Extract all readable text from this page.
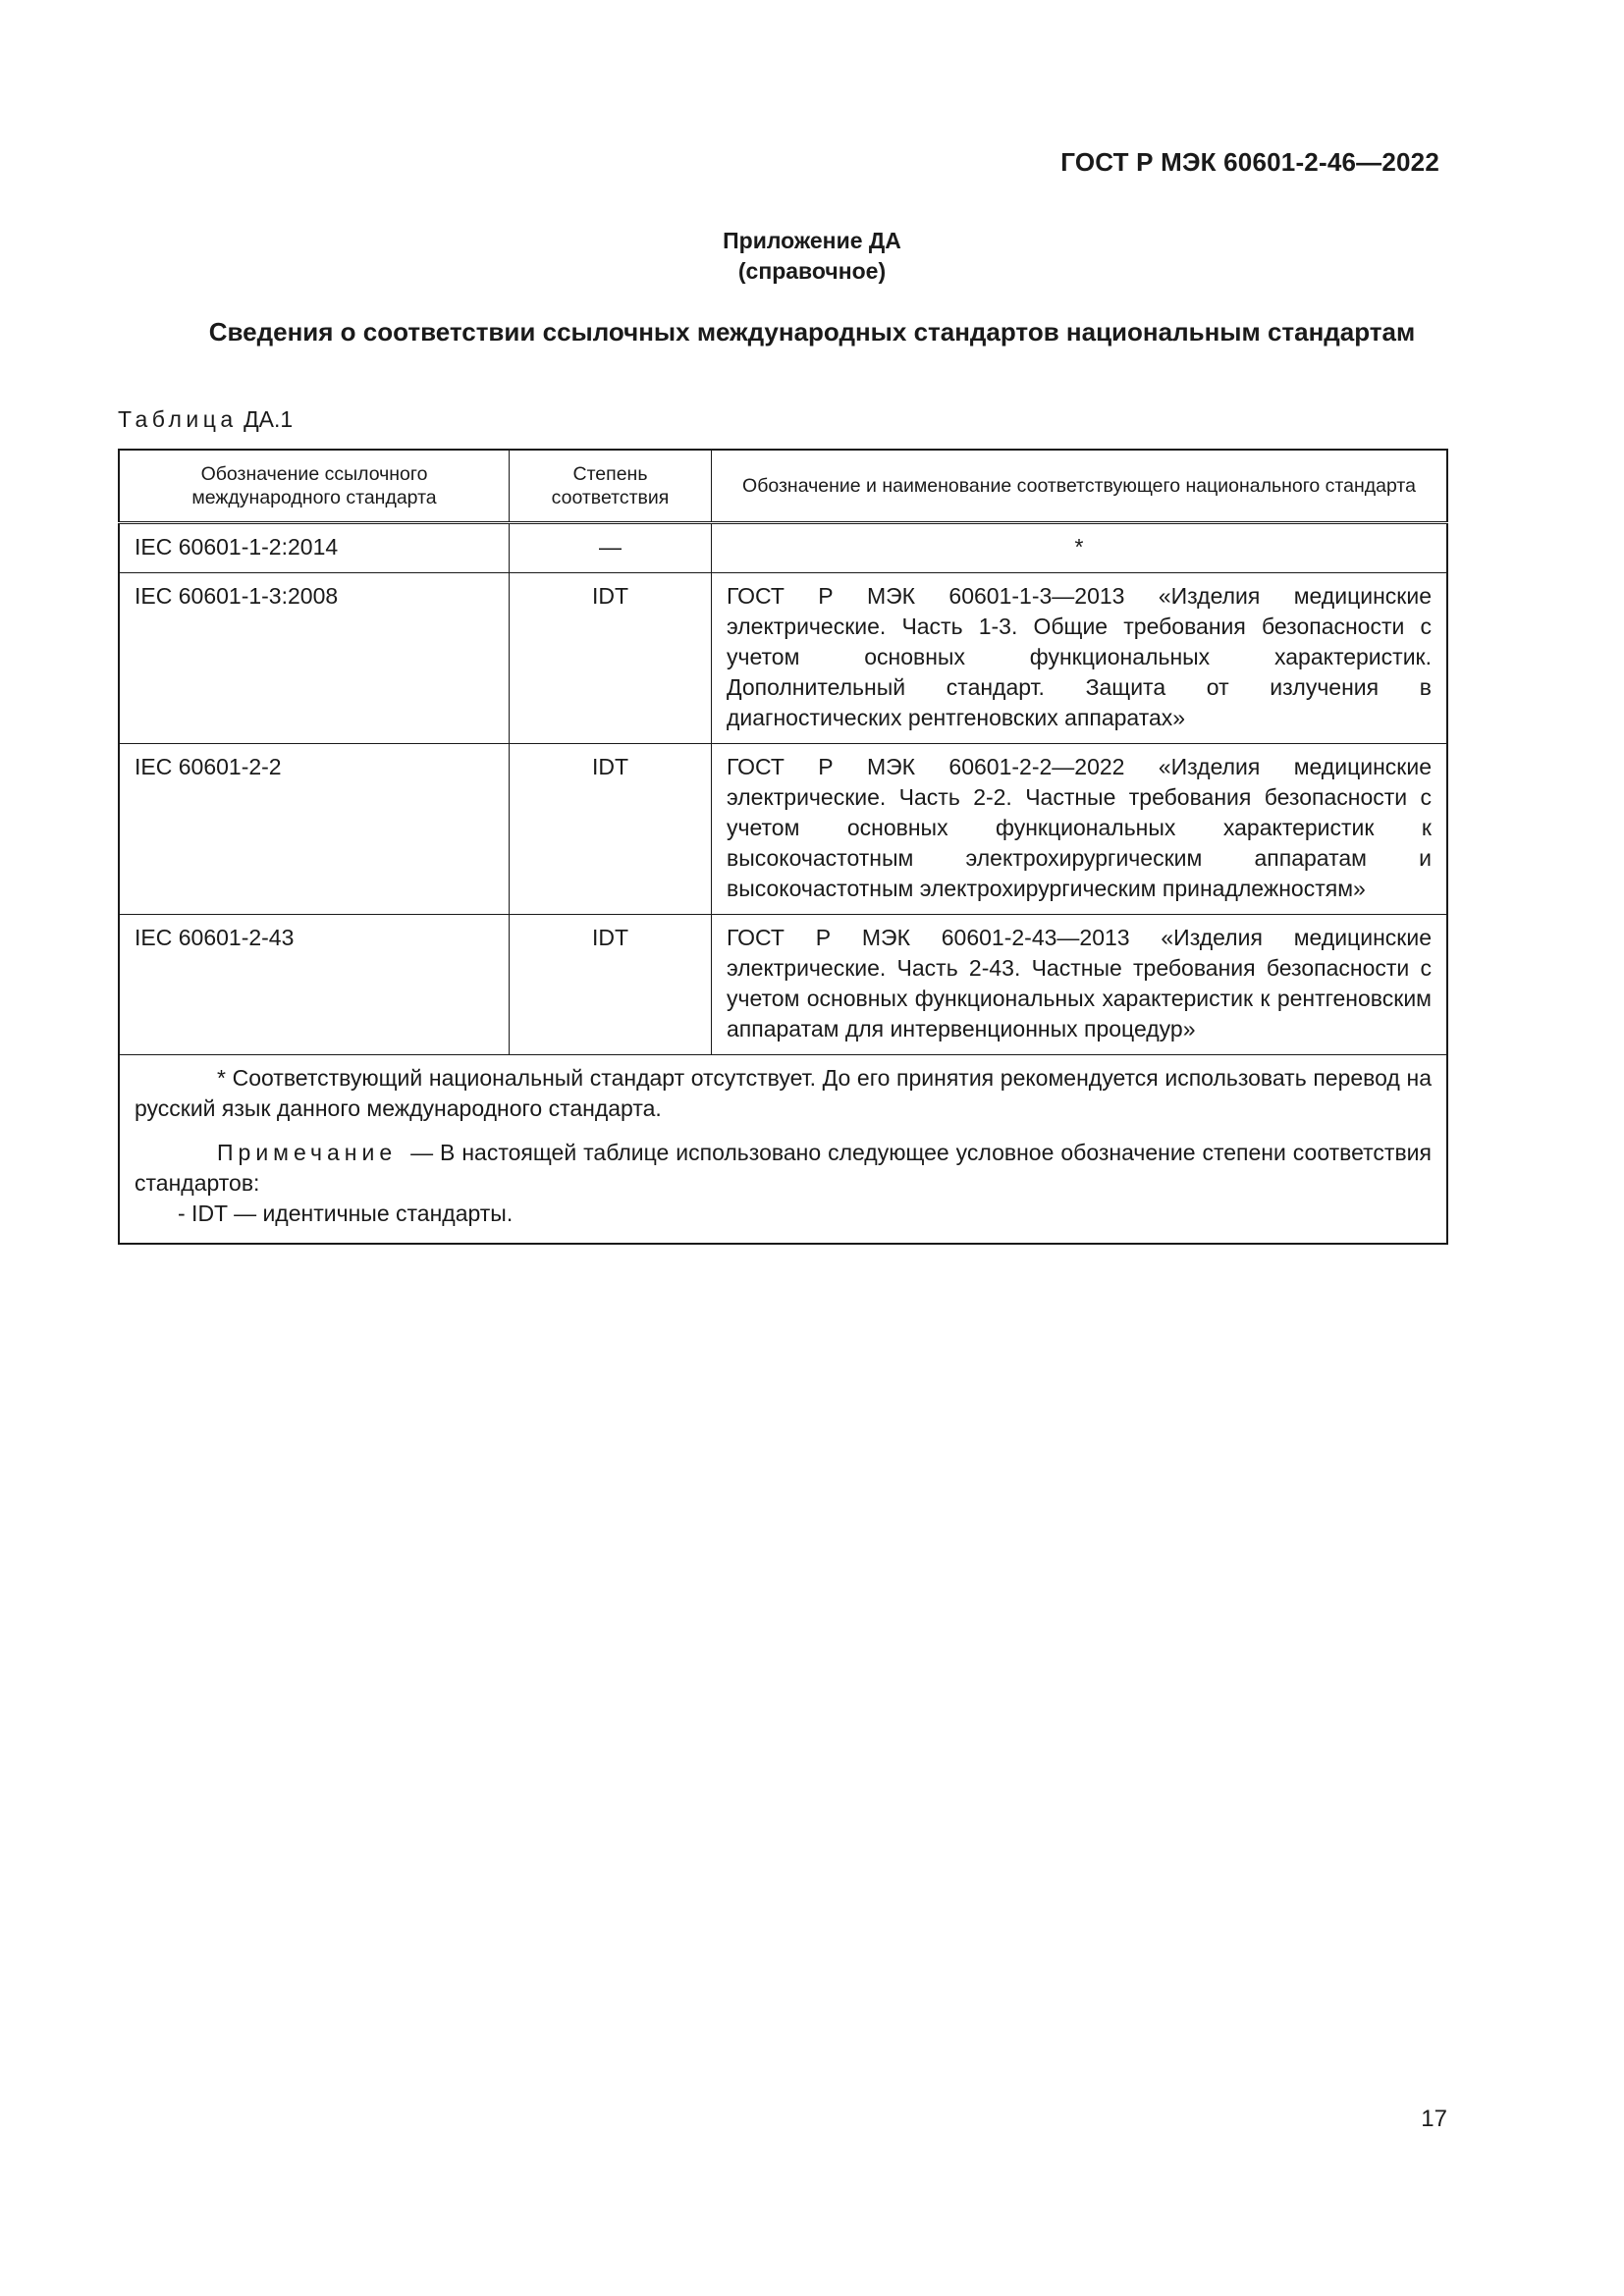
ГОСТ Р МЭК 60601-2-46—2022
Приложение ДА
(справочное)
Сведения о соответствии ссылочных международных стандартов национальным стандартам
Таблица ДА.1
Обозначение ссылочного международного стандарта	Степень соответствия	Обозначение и наименование соответствующего национального стандарта
IEC 60601-1-2:2014	—	*
IEC 60601-1-3:2008	IDT	ГОСТ Р МЭК 60601-1-3—2013 «Изделия медицинские электрические. Часть 1-3. Общие требования безопасности с учетом основных функциональных характеристик. Дополнительный стандарт. Защита от излучения в диагностических рентгеновских аппаратах»
IEC 60601-2-2	IDT	ГОСТ Р МЭК 60601-2-2—2022 «Изделия медицинские электрические. Часть 2-2. Частные требования безопасности с учетом основных функциональных характеристик к высокочастотным электрохирургическим аппаратам и высокочастотным электрохирургическим принадлежностям»
IEC 60601-2-43	IDT	ГОСТ Р МЭК 60601-2-43—2013 «Изделия медицинские электрические. Часть 2-43. Частные требования безопасности с учетом основных функциональных характеристик к рентгеновским аппаратам для интервенционных процедур»

* Соответствующий национальный стандарт отсутствует. До его принятия рекомендуется использовать перевод на русский язык данного международного стандарта.

Примечание — В настоящей таблице использовано следующее условное обозначение степени соответствия стандартов:

- IDT — идентичные стандарты.		
17
